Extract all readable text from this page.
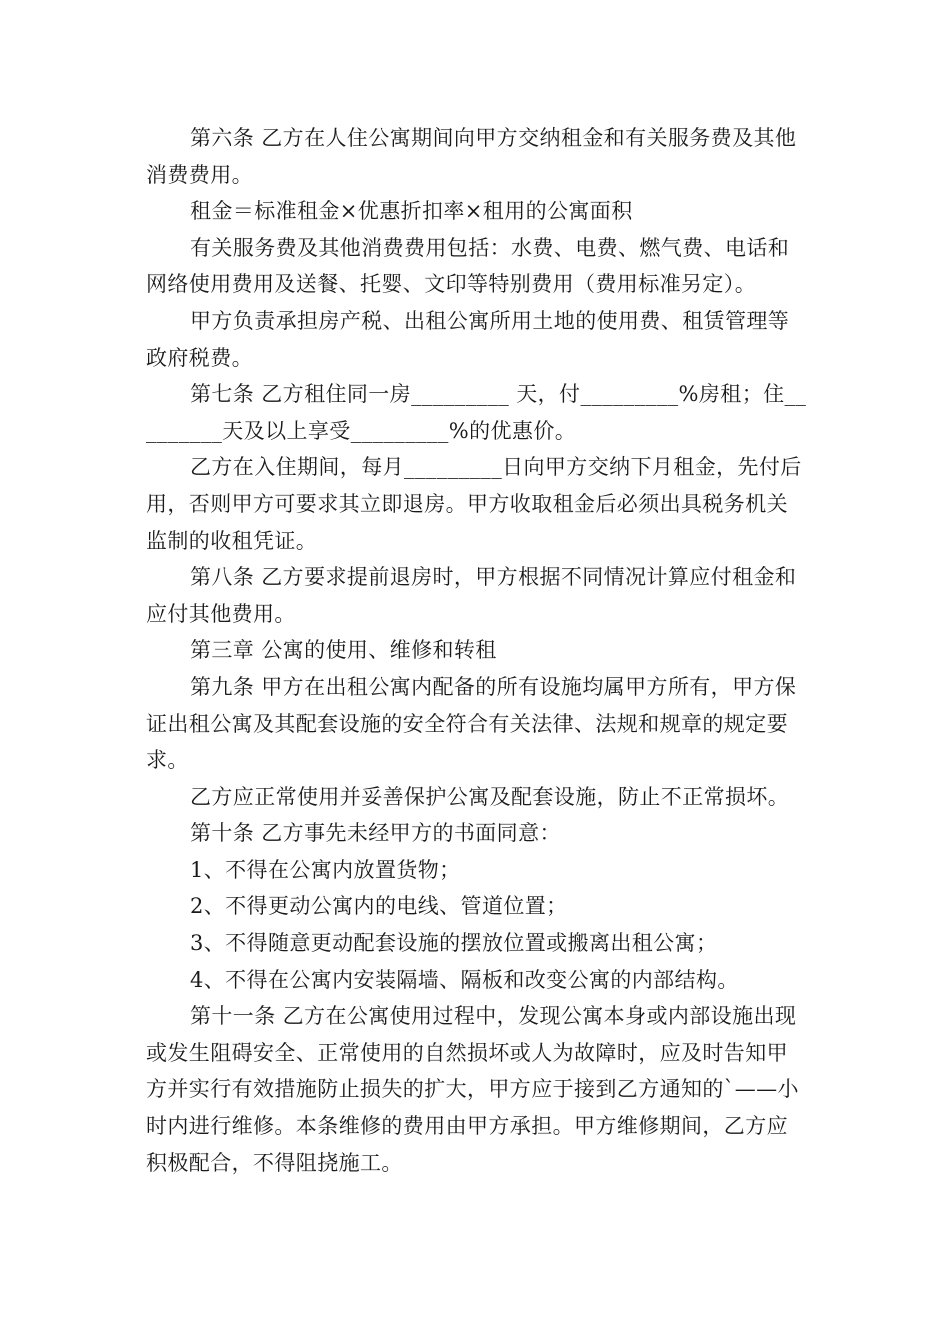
第六条 乙方在人住公寓期间向甲方交纳租金和有关服务费及其他消费费用。

租金＝标准租金×优惠折扣率×租用的公寓面积

有关服务费及其他消费费用包括：水费、电费、燃气费、电话和网络使用费用及送餐、托婴、文印等特别费用（费用标准另定）。

甲方负责承担房产税、出租公寓所用土地的使用费、租赁管理等政府税费。

第七条 乙方租住同一房_________ 天，付_________%房租；住_________天及以上享受_________%的优惠价。

乙方在入住期间，每月_________日向甲方交纳下月租金，先付后用，否则甲方可要求其立即退房。甲方收取租金后必须出具税务机关监制的收租凭证。

第八条 乙方要求提前退房时，甲方根据不同情况计算应付租金和应付其他费用。

第三章 公寓的使用、维修和转租

第九条 甲方在出租公寓内配备的所有设施均属甲方所有，甲方保证出租公寓及其配套设施的安全符合有关法律、法规和规章的规定要求。

乙方应正常使用并妥善保护公寓及配套设施，防止不正常损坏。

第十条 乙方事先未经甲方的书面同意：

1、不得在公寓内放置货物；

2、不得更动公寓内的电线、管道位置；

3、不得随意更动配套设施的摆放位置或搬离出租公寓；

4、不得在公寓内安装隔墙、隔板和改变公寓的内部结构。

第十一条 乙方在公寓使用过程中，发现公寓本身或内部设施出现或发生阻碍安全、正常使用的自然损坏或人为故障时，应及时告知甲方并实行有效措施防止损失的扩大，甲方应于接到乙方通知的`——小时内进行维修。本条维修的费用由甲方承担。甲方维修期间，乙方应积极配合，不得阻挠施工。
